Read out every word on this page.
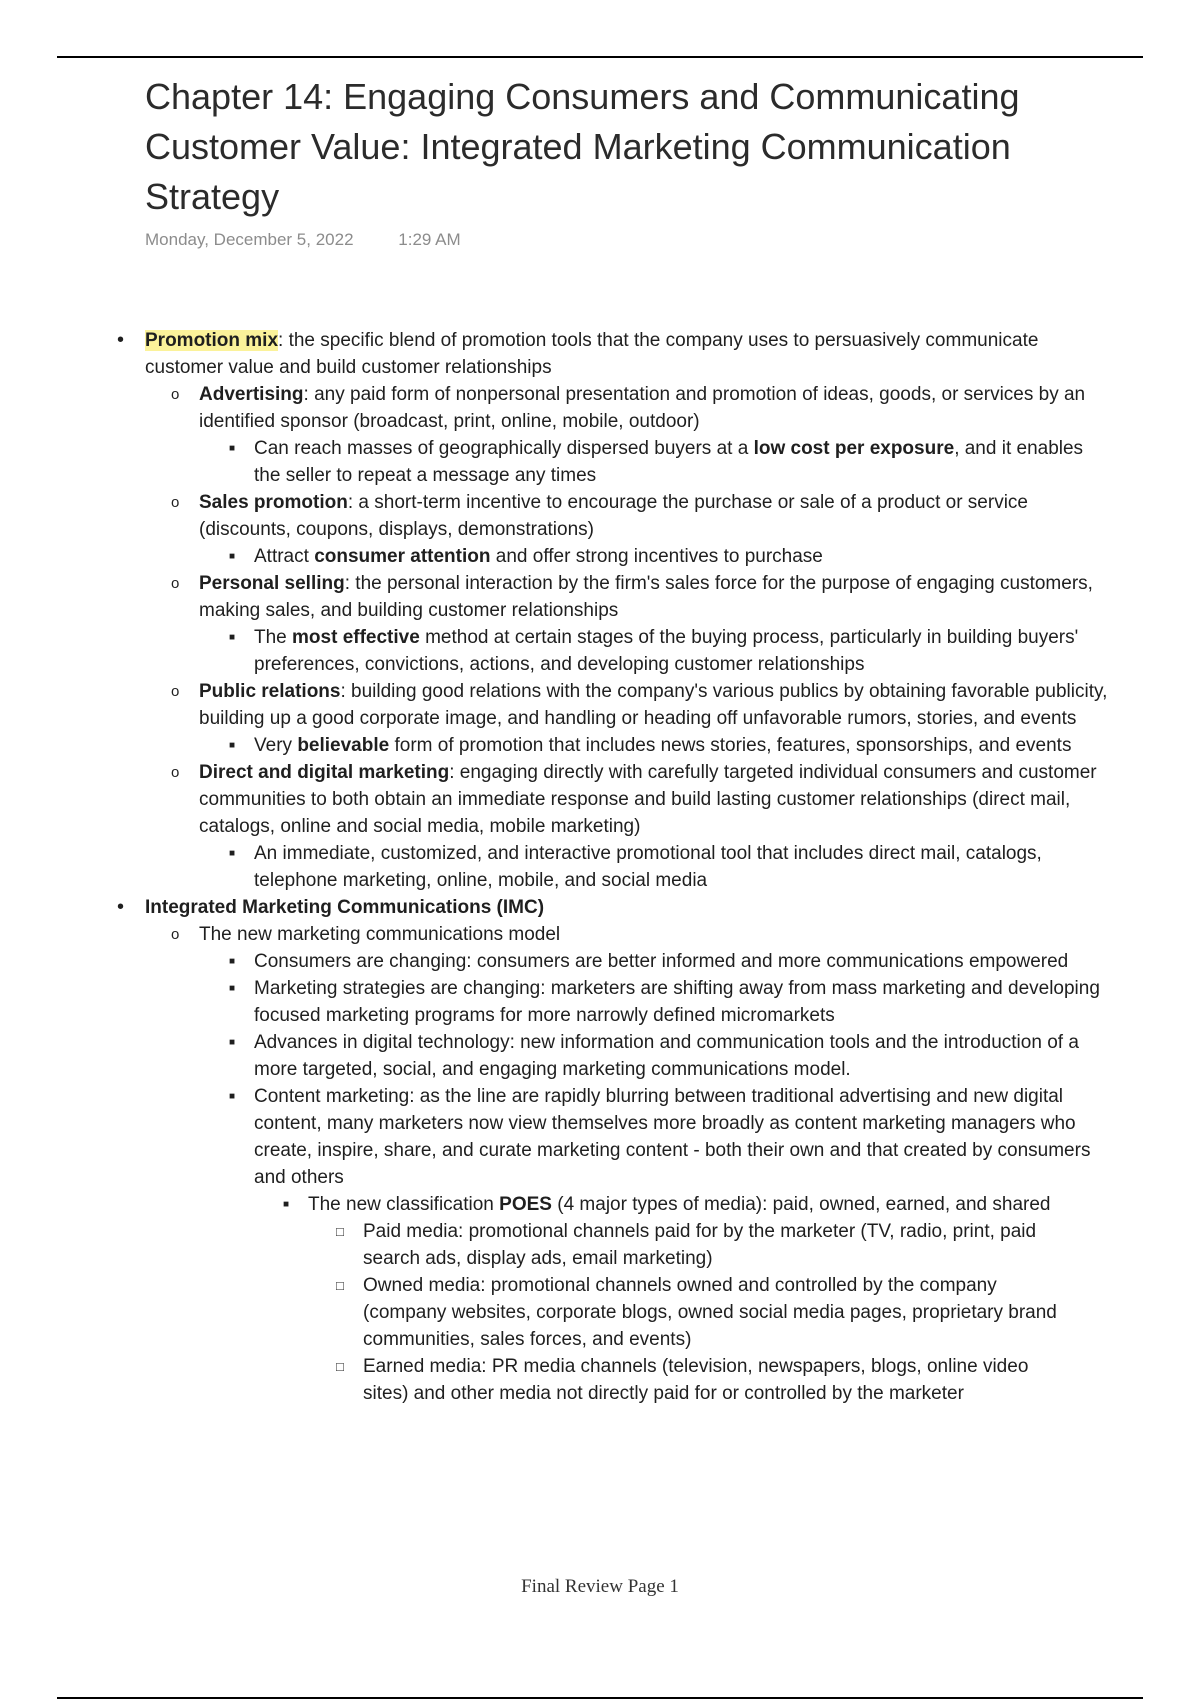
Chapter 14: Engaging Consumers and Communicating Customer Value: Integrated Marketing Communication Strategy
Monday, December 5, 2022	1:29 AM

• Promotion mix: the specific blend of promotion tools that the company uses to persuasively communicate customer value and build customer relationships

o Advertising: any paid form of nonpersonal presentation and promotion of ideas, goods, or services by an identified sponsor (broadcast, print, online, mobile, outdoor)

■ Can reach masses of geographically dispersed buyers at a low cost per exposure, and it enables the seller to repeat a message any times

o Sales promotion: a short-term incentive to encourage the purchase or sale of a product or service (discounts, coupons, displays, demonstrations)

■ Attract consumer attention and offer strong incentives to purchase

o Personal selling: the personal interaction by the firm's sales force for the purpose of engaging customers, making sales, and building customer relationships

■ The most effective method at certain stages of the buying process, particularly in building buyers' preferences, convictions, actions, and developing customer relationships

o Public relations: building good relations with the company's various publics by obtaining favorable publicity, building up a good corporate image, and handling or heading off unfavorable rumors, stories, and events

■ Very believable form of promotion that includes news stories, features, sponsorships, and events

o Direct and digital marketing: engaging directly with carefully targeted individual consumers and customer communities to both obtain an immediate response and build lasting customer relationships (direct mail, catalogs, online and social media, mobile marketing)

■ An immediate, customized, and interactive promotional tool that includes direct mail, catalogs, telephone marketing, online, mobile, and social media

• Integrated Marketing Communications (IMC)

o The new marketing communications model

■ Consumers are changing: consumers are better informed and more communications empowered

■ Marketing strategies are changing: marketers are shifting away from mass marketing and developing focused marketing programs for more narrowly defined micromarkets

■ Advances in digital technology: new information and communication tools and the introduction of a more targeted, social, and engaging marketing communications model.

■ Content marketing: as the line are rapidly blurring between traditional advertising and new digital content, many marketers now view themselves more broadly as content marketing managers who create, inspire, share, and curate marketing content - both their own and that created by consumers and others

■ The new classification POES (4 major types of media): paid, owned, earned, and shared

□ Paid media: promotional channels paid for by the marketer (TV, radio, print, paid search ads, display ads, email marketing)

□ Owned media: promotional channels owned and controlled by the company (company websites, corporate blogs, owned social media pages, proprietary brand communities, sales forces, and events)

□ Earned media: PR media channels (television, newspapers, blogs, online video sites) and other media not directly paid for or controlled by the marketer

Final Review Page 1
